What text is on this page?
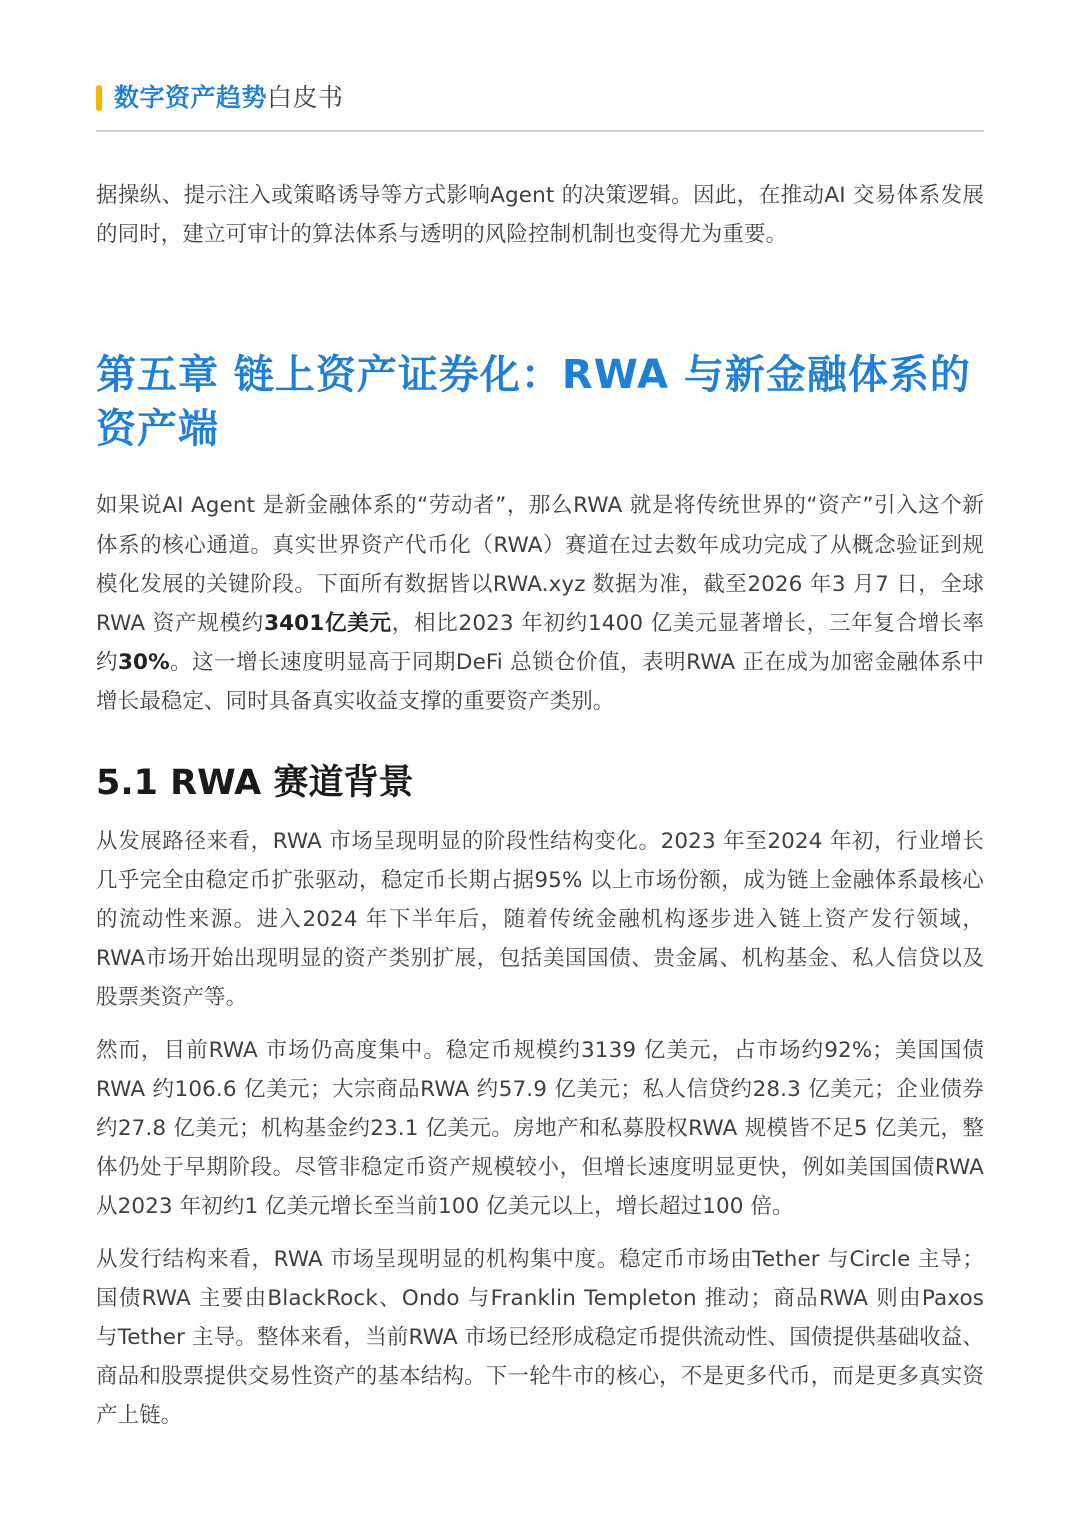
数字资产趋势白皮书

据操纵、提示注入或策略诱导等方式影响Agent 的决策逻辑。因此，在推动AI 交易体系发展的同时，建立可审计的算法体系与透明的风险控制机制也变得尤为重要。

第五章 链上资产证券化：RWA 与新金融体系的
资产端

如果说AI Agent 是新金融体系的“劳动者”，那么RWA 就是将传统世界的“资产”引入这个新体系的核心通道。真实世界资产代币化（RWA）赛道在过去数年成功完成了从概念验证到规模化发展的关键阶段。下面所有数据皆以RWA.xyz 数据为准，截至2026 年3 月7 日，全球RWA 资产规模约3401亿美元，相比2023 年初约1400 亿美元显著增长，三年复合增长率约30%。这一增长速度明显高于同期DeFi 总锁仓价值，表明RWA 正在成为加密金融体系中增长最稳定、同时具备真实收益支撑的重要资产类别。

5.1 RWA 赛道背景

从发展路径来看，RWA 市场呈现明显的阶段性结构变化。2023 年至2024 年初，行业增长几乎完全由稳定币扩张驱动，稳定币长期占据95% 以上市场份额，成为链上金融体系最核心的流动性来源。进入2024 年下半年后，随着传统金融机构逐步进入链上资产发行领域，RWA市场开始出现明显的资产类别扩展，包括美国国债、贵金属、机构基金、私人信贷以及股票类资产等。

然而，目前RWA 市场仍高度集中。稳定币规模约3139 亿美元，占市场约92%；美国国债RWA 约106.6 亿美元；大宗商品RWA 约57.9 亿美元；私人信贷约28.3 亿美元；企业债券约27.8 亿美元；机构基金约23.1 亿美元。房地产和私募股权RWA 规模皆不足5 亿美元，整体仍处于早期阶段。尽管非稳定币资产规模较小，但增长速度明显更快，例如美国国债RWA从2023 年初约1 亿美元增长至当前100 亿美元以上，增长超过100 倍。

从发行结构来看，RWA 市场呈现明显的机构集中度。稳定币市场由Tether 与Circle 主导；国债RWA 主要由BlackRock、Ondo 与Franklin Templeton 推动；商品RWA 则由Paxos 与Tether 主导。整体来看，当前RWA 市场已经形成稳定币提供流动性、国债提供基础收益、商品和股票提供交易性资产的基本结构。下一轮牛市的核心，不是更多代币，而是更多真实资产上链。
